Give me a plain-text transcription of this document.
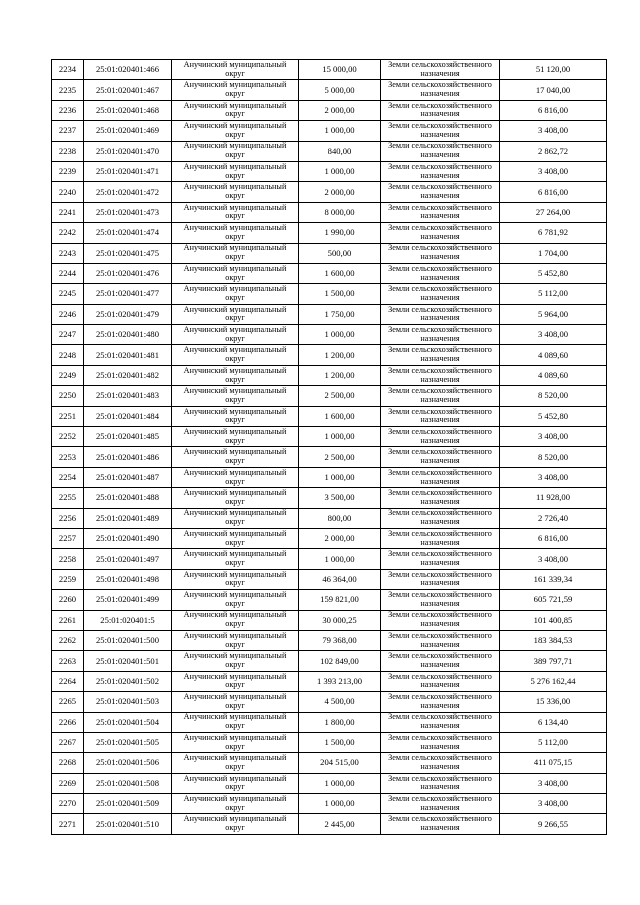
2234	25:01:020401:466	Анучинский муниципальный округ	15 000,00	Земли сельскохозяйственного назначения	51 120,00
2235	25:01:020401:467	Анучинский муниципальный округ	5 000,00	Земли сельскохозяйственного назначения	17 040,00
2236	25:01:020401:468	Анучинский муниципальный округ	2 000,00	Земли сельскохозяйственного назначения	6 816,00
2237	25:01:020401:469	Анучинский муниципальный округ	1 000,00	Земли сельскохозяйственного назначения	3 408,00
2238	25:01:020401:470	Анучинский муниципальный округ	840,00	Земли сельскохозяйственного назначения	2 862,72
2239	25:01:020401:471	Анучинский муниципальный округ	1 000,00	Земли сельскохозяйственного назначения	3 408,00
2240	25:01:020401:472	Анучинский муниципальный округ	2 000,00	Земли сельскохозяйственного назначения	6 816,00
2241	25:01:020401:473	Анучинский муниципальный округ	8 000,00	Земли сельскохозяйственного назначения	27 264,00
2242	25:01:020401:474	Анучинский муниципальный округ	1 990,00	Земли сельскохозяйственного назначения	6 781,92
2243	25:01:020401:475	Анучинский муниципальный округ	500,00	Земли сельскохозяйственного назначения	1 704,00
2244	25:01:020401:476	Анучинский муниципальный округ	1 600,00	Земли сельскохозяйственного назначения	5 452,80
2245	25:01:020401:477	Анучинский муниципальный округ	1 500,00	Земли сельскохозяйственного назначения	5 112,00
2246	25:01:020401:479	Анучинский муниципальный округ	1 750,00	Земли сельскохозяйственного назначения	5 964,00
2247	25:01:020401:480	Анучинский муниципальный округ	1 000,00	Земли сельскохозяйственного назначения	3 408,00
2248	25:01:020401:481	Анучинский муниципальный округ	1 200,00	Земли сельскохозяйственного назначения	4 089,60
2249	25:01:020401:482	Анучинский муниципальный округ	1 200,00	Земли сельскохозяйственного назначения	4 089,60
2250	25:01:020401:483	Анучинский муниципальный округ	2 500,00	Земли сельскохозяйственного назначения	8 520,00
2251	25:01:020401:484	Анучинский муниципальный округ	1 600,00	Земли сельскохозяйственного назначения	5 452,80
2252	25:01:020401:485	Анучинский муниципальный округ	1 000,00	Земли сельскохозяйственного назначения	3 408,00
2253	25:01:020401:486	Анучинский муниципальный округ	2 500,00	Земли сельскохозяйственного назначения	8 520,00
2254	25:01:020401:487	Анучинский муниципальный округ	1 000,00	Земли сельскохозяйственного назначения	3 408,00
2255	25:01:020401:488	Анучинский муниципальный округ	3 500,00	Земли сельскохозяйственного назначения	11 928,00
2256	25:01:020401:489	Анучинский муниципальный округ	800,00	Земли сельскохозяйственного назначения	2 726,40
2257	25:01:020401:490	Анучинский муниципальный округ	2 000,00	Земли сельскохозяйственного назначения	6 816,00
2258	25:01:020401:497	Анучинский муниципальный округ	1 000,00	Земли сельскохозяйственного назначения	3 408,00
2259	25:01:020401:498	Анучинский муниципальный округ	46 364,00	Земли сельскохозяйственного назначения	161 339,34
2260	25:01:020401:499	Анучинский муниципальный округ	159 821,00	Земли сельскохозяйственного назначения	605 721,59
2261	25:01:020401:5	Анучинский муниципальный округ	30 000,25	Земли сельскохозяйственного назначения	101 400,85
2262	25:01:020401:500	Анучинский муниципальный округ	79 368,00	Земли сельскохозяйственного назначения	183 384,53
2263	25:01:020401:501	Анучинский муниципальный округ	102 849,00	Земли сельскохозяйственного назначения	389 797,71
2264	25:01:020401:502	Анучинский муниципальный округ	1 393 213,00	Земли сельскохозяйственного назначения	5 276 162,44
2265	25:01:020401:503	Анучинский муниципальный округ	4 500,00	Земли сельскохозяйственного назначения	15 336,00
2266	25:01:020401:504	Анучинский муниципальный округ	1 800,00	Земли сельскохозяйственного назначения	6 134,40
2267	25:01:020401:505	Анучинский муниципальный округ	1 500,00	Земли сельскохозяйственного назначения	5 112,00
2268	25:01:020401:506	Анучинский муниципальный округ	204 515,00	Земли сельскохозяйственного назначения	411 075,15
2269	25:01:020401:508	Анучинский муниципальный округ	1 000,00	Земли сельскохозяйственного назначения	3 408,00
2270	25:01:020401:509	Анучинский муниципальный округ	1 000,00	Земли сельскохозяйственного назначения	3 408,00
2271	25:01:020401:510	Анучинский муниципальный округ	2 445,00	Земли сельскохозяйственного назначения	9 266,55
